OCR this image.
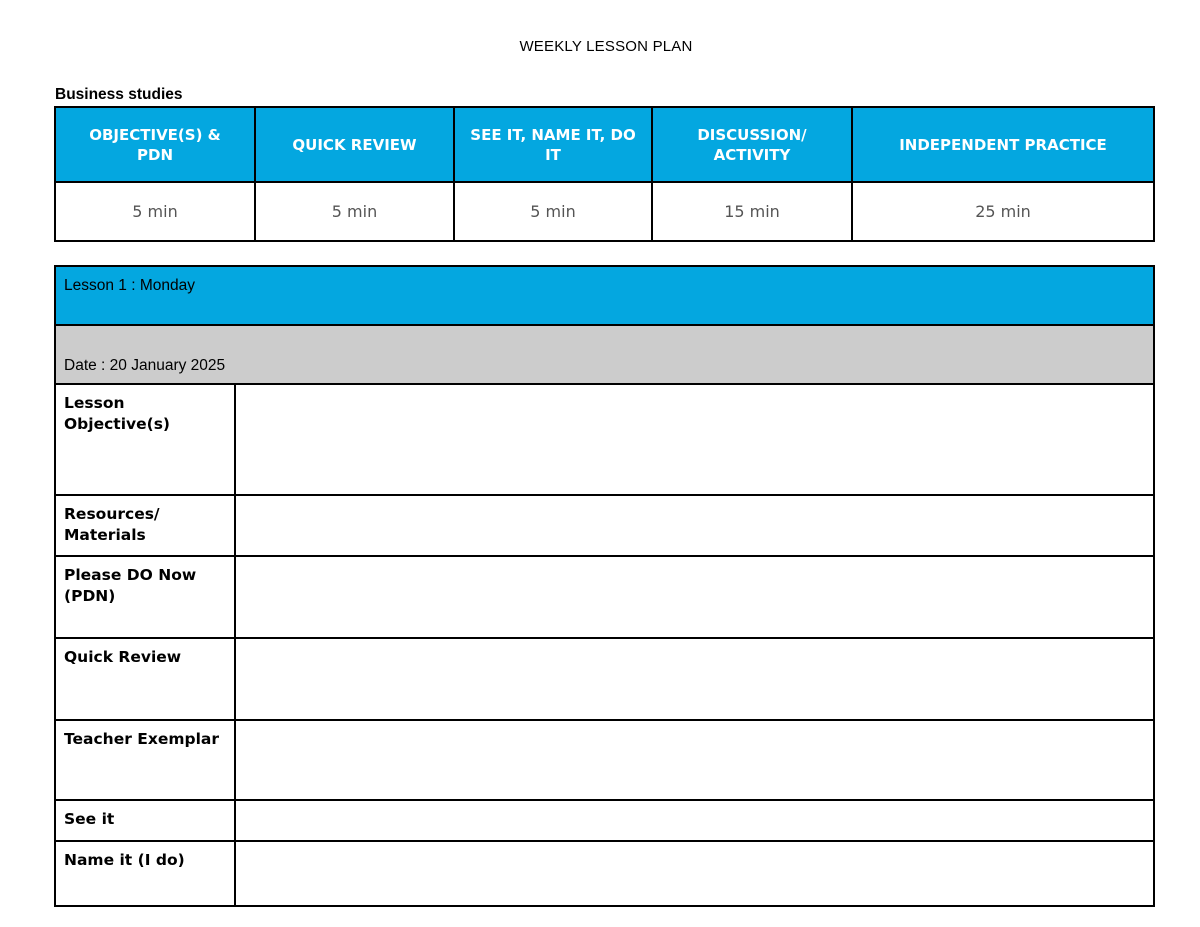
WEEKLY LESSON PLAN
Business studies
OBJECTIVE(S) & PDN	QUICK REVIEW	SEE IT, NAME IT, DO IT	DISCUSSION/ ACTIVITY	INDEPENDENT PRACTICE
5 min	5 min	5 min	15 min	25 min
Lesson 1 : Monday	
Date : 20 January 2025	
Lesson Objective(s)	
Resources/ Materials	
Please DO Now (PDN)	
Quick Review	
Teacher Exemplar	
See it	
Name it (I do)	
